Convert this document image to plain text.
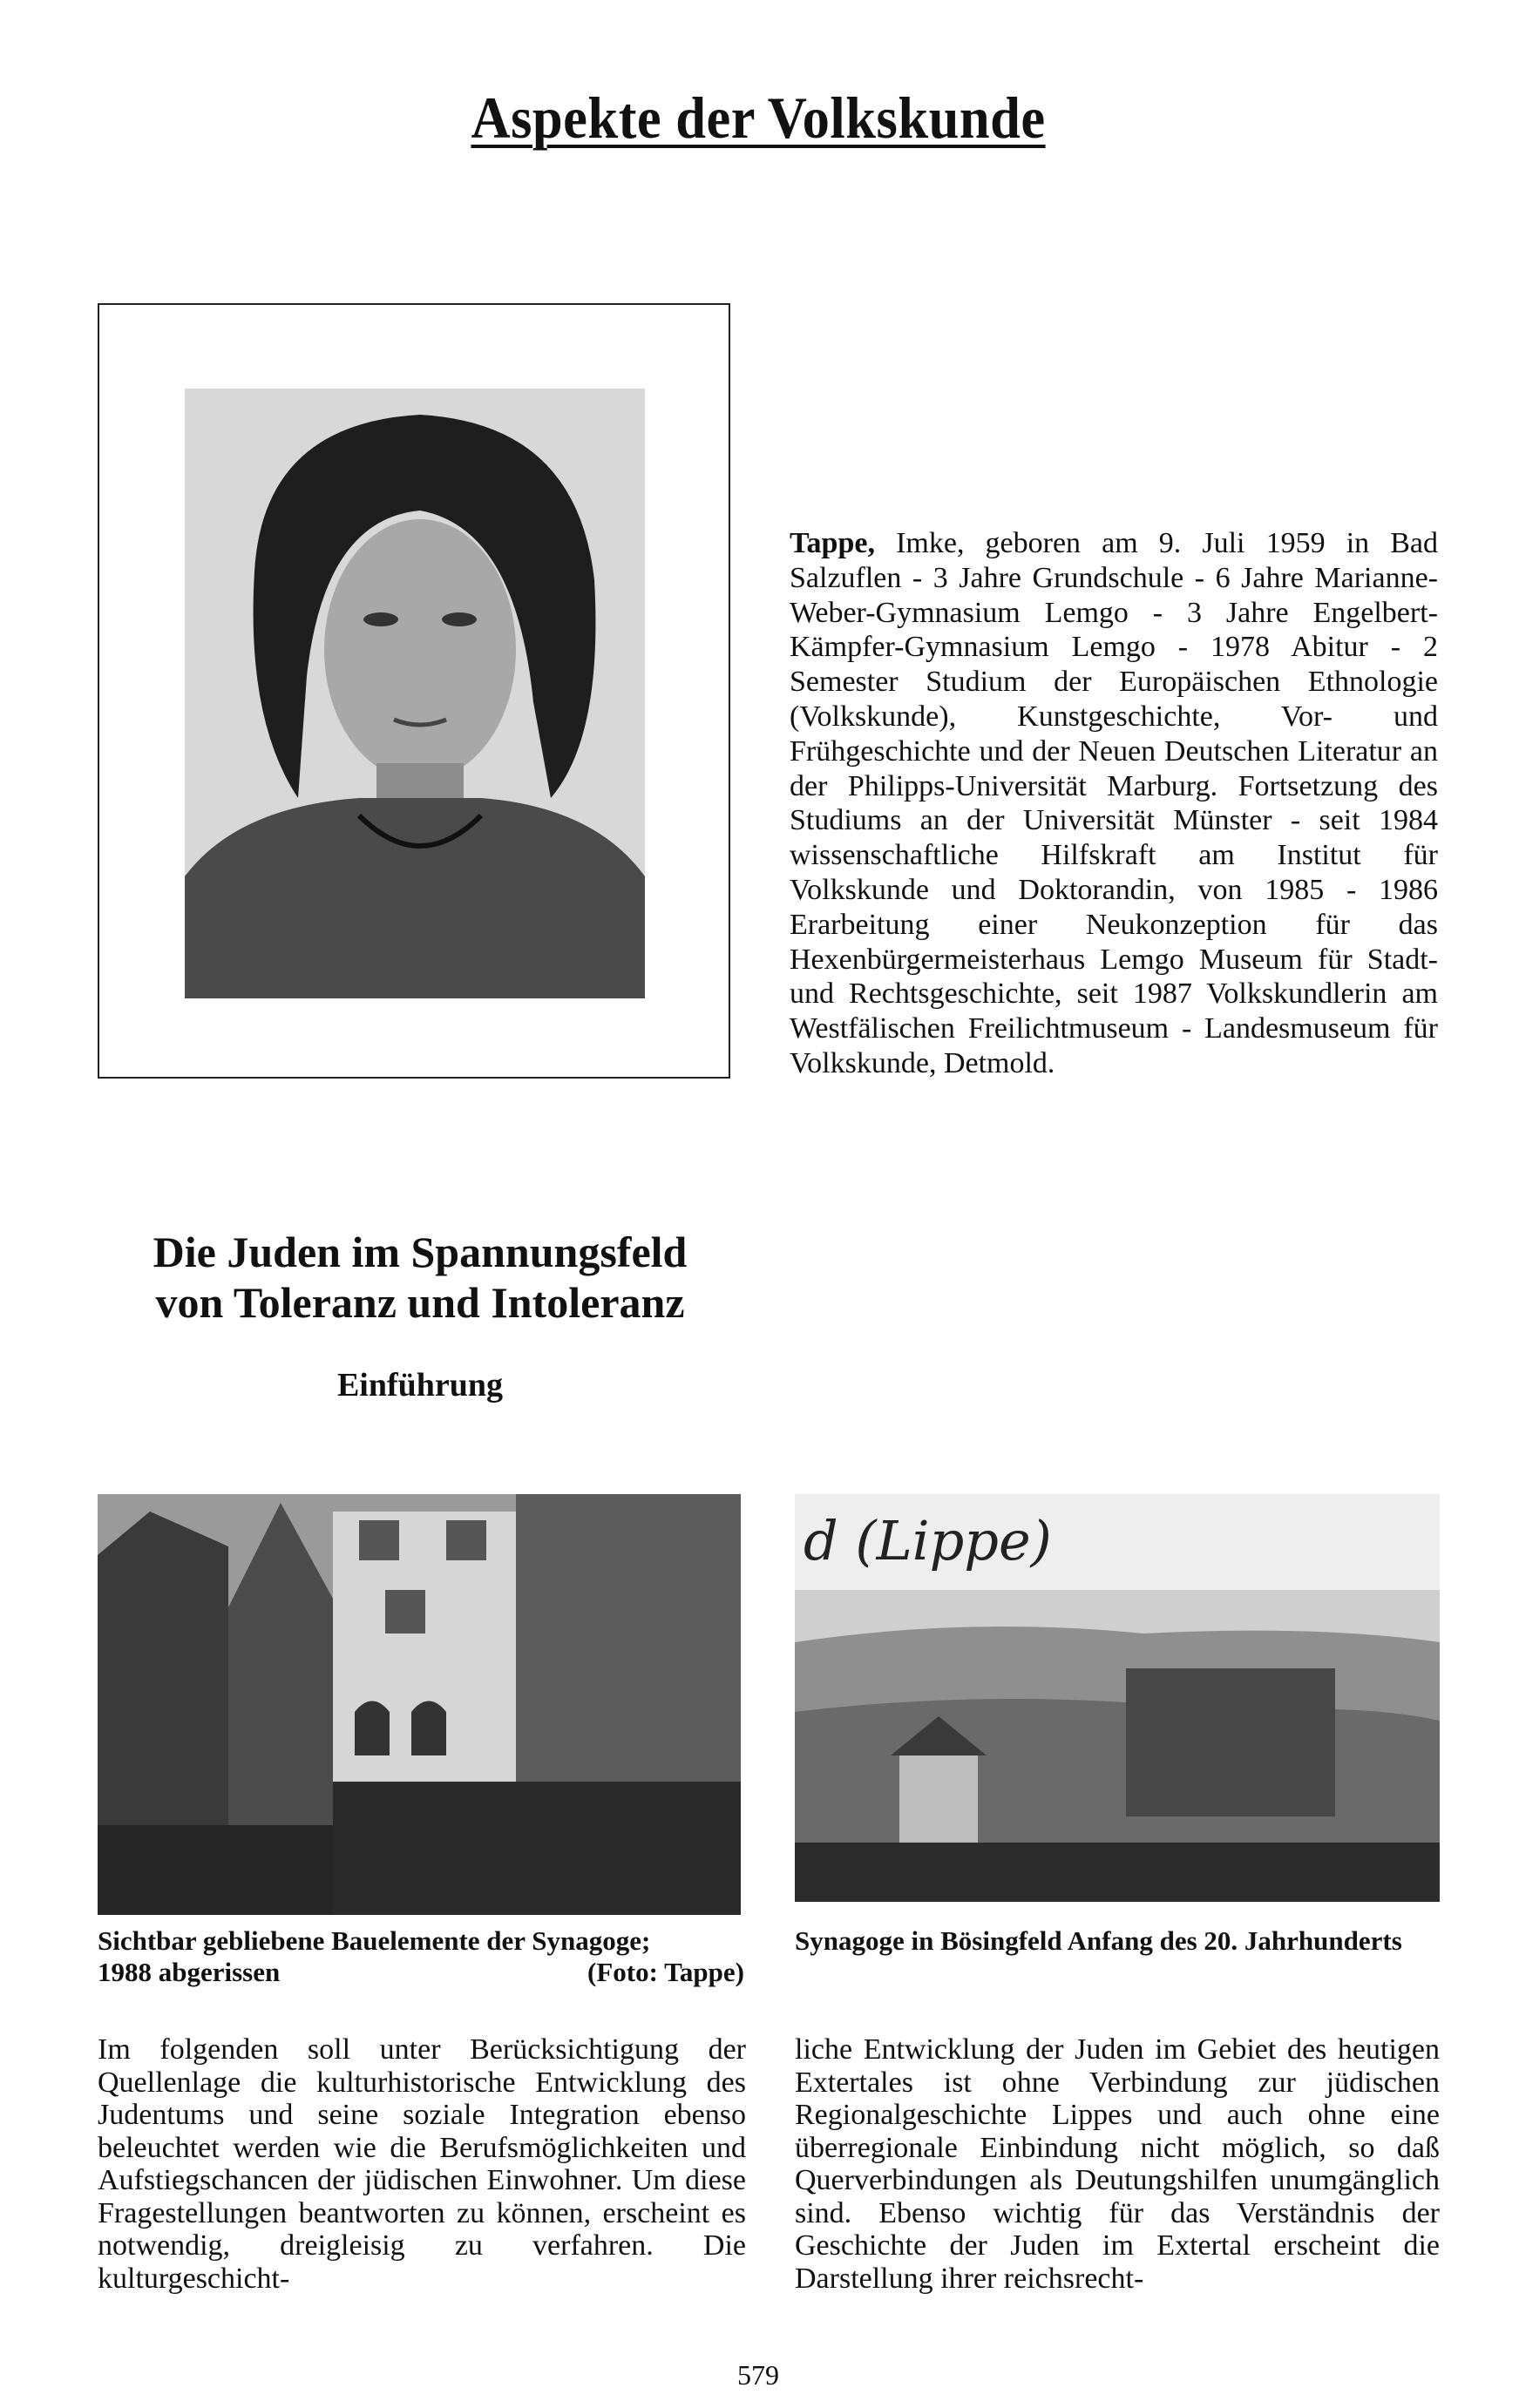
Aspekte der Volkskunde
Tappe, Imke, geboren am 9. Juli 1959 in Bad Salzuflen - 3 Jahre Grundschule - 6 Jahre Marianne-Weber-Gymnasium Lemgo - 3 Jahre Engelbert-Kämpfer-Gymnasium Lemgo - 1978 Abitur - 2 Semester Studium der Europäischen Ethnologie (Volkskunde), Kunstgeschichte, Vor- und Frühgeschichte und der Neuen Deutschen Literatur an der Philipps-Universität Marburg. Fortsetzung des Studiums an der Universität Münster - seit 1984 wissenschaftliche Hilfskraft am Institut für Volkskunde und Doktorandin, von 1985 - 1986 Erarbeitung einer Neukonzeption für das Hexenbürgermeisterhaus Lemgo Museum für Stadt- und Rechtsgeschichte, seit 1987 Volkskundlerin am Westfälischen Freilichtmuseum - Landesmuseum für Volkskunde, Detmold.
Die Juden im Spannungsfeld
von Toleranz und Intoleranz
Einführung
d (Lippe)
Sichtbar gebliebene Bauelemente der Synagoge;
1988 abgerissen	(Foto: Tappe)
Synagoge in Bösingfeld Anfang des 20. Jahrhunderts
Im folgenden soll unter Berücksichtigung der Quellenlage die kulturhistorische Entwicklung des Judentums und seine soziale Integration ebenso beleuchtet werden wie die Berufsmöglichkeiten und Aufstiegschancen der jüdischen Einwohner. Um diese Fragestellungen beantworten zu können, erscheint es notwendig, dreigleisig zu verfahren. Die kulturgeschicht-
liche Entwicklung der Juden im Gebiet des heutigen Extertales ist ohne Verbindung zur jüdischen Regionalgeschichte Lippes und auch ohne eine überregionale Einbindung nicht möglich, so daß Querverbindungen als Deutungshilfen unumgänglich sind. Ebenso wichtig für das Verständnis der Geschichte der Juden im Extertal erscheint die Darstellung ihrer reichsrecht-
579
